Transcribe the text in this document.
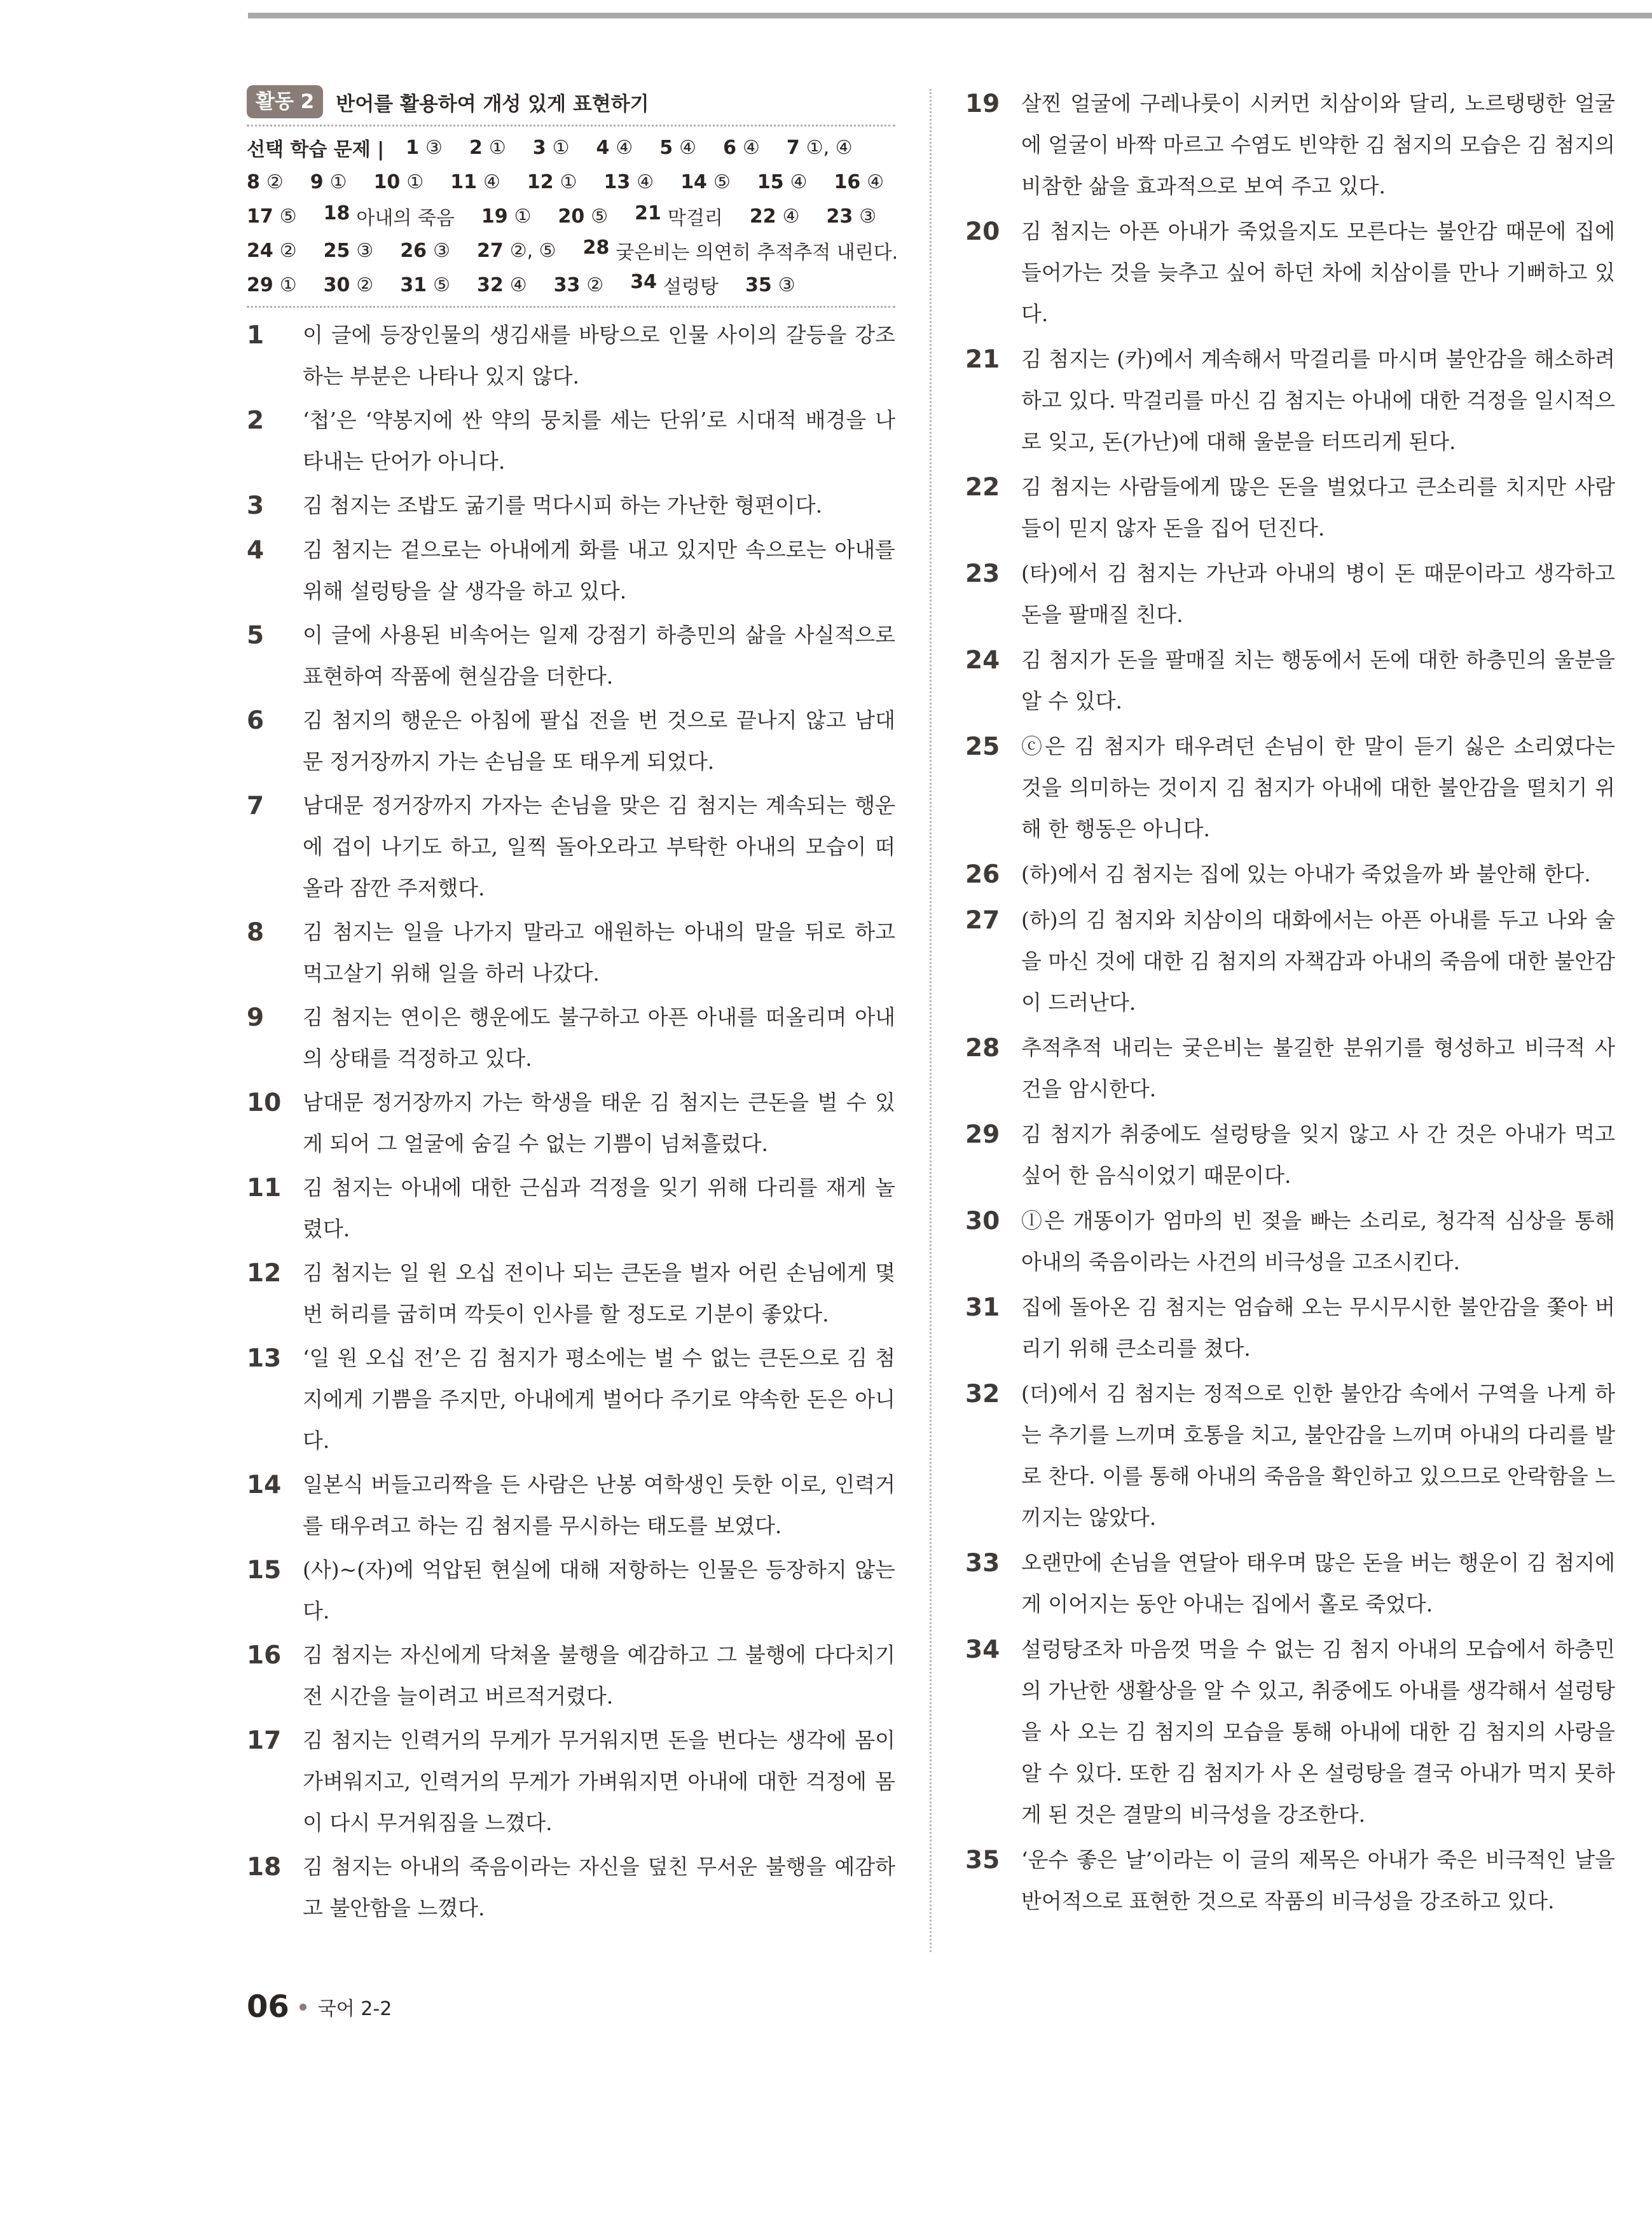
활동 2	반어를 활용하여 개성 있게 표현하기
선택 학습 문제 | 1 ③ 2 ① 3 ① 4 ④ 5 ④ 6 ④ 7 ①, ④
8 ② 9 ① 10 ① 11 ④ 12 ① 13 ④ 14 ⑤ 15 ④ 16 ④
17 ⑤ 18 아내의 죽음 19 ① 20 ⑤ 21 막걸리 22 ④ 23 ③
24 ② 25 ③ 26 ③ 27 ②, ⑤ 28 궂은비는 의연히 추적추적 내린다.
29 ① 30 ② 31 ⑤ 32 ④ 33 ② 34 설렁탕 35 ③
1	이 글에 등장인물의 생김새를 바탕으로 인물 사이의 갈등을 강조하는 부분은 나타나 있지 않다.
2	‘첩’은 ‘약봉지에 싼 약의 뭉치를 세는 단위’로 시대적 배경을 나타내는 단어가 아니다.
3	김 첨지는 조밥도 굶기를 먹다시피 하는 가난한 형편이다.
4	김 첨지는 겉으로는 아내에게 화를 내고 있지만 속으로는 아내를 위해 설렁탕을 살 생각을 하고 있다.
5	이 글에 사용된 비속어는 일제 강점기 하층민의 삶을 사실적으로 표현하여 작품에 현실감을 더한다.
6	김 첨지의 행운은 아침에 팔십 전을 번 것으로 끝나지 않고 남대문 정거장까지 가는 손님을 또 태우게 되었다.
7	남대문 정거장까지 가자는 손님을 맞은 김 첨지는 계속되는 행운에 겁이 나기도 하고, 일찍 돌아오라고 부탁한 아내의 모습이 떠올라 잠깐 주저했다.
8	김 첨지는 일을 나가지 말라고 애원하는 아내의 말을 뒤로 하고 먹고살기 위해 일을 하러 나갔다.
9	김 첨지는 연이은 행운에도 불구하고 아픈 아내를 떠올리며 아내의 상태를 걱정하고 있다.
10	남대문 정거장까지 가는 학생을 태운 김 첨지는 큰돈을 벌 수 있게 되어 그 얼굴에 숨길 수 없는 기쁨이 넘쳐흘렀다.
11	김 첨지는 아내에 대한 근심과 걱정을 잊기 위해 다리를 재게 놀렸다.
12	김 첨지는 일 원 오십 전이나 되는 큰돈을 벌자 어린 손님에게 몇 번 허리를 굽히며 깍듯이 인사를 할 정도로 기분이 좋았다.
13	‘일 원 오십 전’은 김 첨지가 평소에는 벌 수 없는 큰돈으로 김 첨지에게 기쁨을 주지만, 아내에게 벌어다 주기로 약속한 돈은 아니다.
14	일본식 버들고리짝을 든 사람은 난봉 여학생인 듯한 이로, 인력거를 태우려고 하는 김 첨지를 무시하는 태도를 보였다.
15	(사)~(자)에 억압된 현실에 대해 저항하는 인물은 등장하지 않는다.
16	김 첨지는 자신에게 닥쳐올 불행을 예감하고 그 불행에 다다치기 전 시간을 늘이려고 버르적거렸다.
17	김 첨지는 인력거의 무게가 무거워지면 돈을 번다는 생각에 몸이 가벼워지고, 인력거의 무게가 가벼워지면 아내에 대한 걱정에 몸이 다시 무거워짐을 느꼈다.
18	김 첨지는 아내의 죽음이라는 자신을 덮친 무서운 불행을 예감하고 불안함을 느꼈다.
19	살찐 얼굴에 구레나룻이 시커먼 치삼이와 달리, 노르탱탱한 얼굴에 얼굴이 바짝 마르고 수염도 빈약한 김 첨지의 모습은 김 첨지의 비참한 삶을 효과적으로 보여 주고 있다.
20	김 첨지는 아픈 아내가 죽었을지도 모른다는 불안감 때문에 집에 들어가는 것을 늦추고 싶어 하던 차에 치삼이를 만나 기뻐하고 있다.
21	김 첨지는 (카)에서 계속해서 막걸리를 마시며 불안감을 해소하려 하고 있다. 막걸리를 마신 김 첨지는 아내에 대한 걱정을 일시적으로 잊고, 돈(가난)에 대해 울분을 터뜨리게 된다.
22	김 첨지는 사람들에게 많은 돈을 벌었다고 큰소리를 치지만 사람들이 믿지 않자 돈을 집어 던진다.
23	(타)에서 김 첨지는 가난과 아내의 병이 돈 때문이라고 생각하고 돈을 팔매질 친다.
24	김 첨지가 돈을 팔매질 치는 행동에서 돈에 대한 하층민의 울분을 알 수 있다.
25	ⓒ은 김 첨지가 태우려던 손님이 한 말이 듣기 싫은 소리였다는 것을 의미하는 것이지 김 첨지가 아내에 대한 불안감을 떨치기 위해 한 행동은 아니다.
26	(하)에서 김 첨지는 집에 있는 아내가 죽었을까 봐 불안해 한다.
27	(하)의 김 첨지와 치삼이의 대화에서는 아픈 아내를 두고 나와 술을 마신 것에 대한 김 첨지의 자책감과 아내의 죽음에 대한 불안감이 드러난다.
28	추적추적 내리는 궂은비는 불길한 분위기를 형성하고 비극적 사건을 암시한다.
29	김 첨지가 취중에도 설렁탕을 잊지 않고 사 간 것은 아내가 먹고 싶어 한 음식이었기 때문이다.
30	ⓛ은 개똥이가 엄마의 빈 젖을 빠는 소리로, 청각적 심상을 통해 아내의 죽음이라는 사건의 비극성을 고조시킨다.
31	집에 돌아온 김 첨지는 엄습해 오는 무시무시한 불안감을 쫓아 버리기 위해 큰소리를 쳤다.
32	(더)에서 김 첨지는 정적으로 인한 불안감 속에서 구역을 나게 하는 추기를 느끼며 호통을 치고, 불안감을 느끼며 아내의 다리를 발로 찬다. 이를 통해 아내의 죽음을 확인하고 있으므로 안락함을 느끼지는 않았다.
33	오랜만에 손님을 연달아 태우며 많은 돈을 버는 행운이 김 첨지에게 이어지는 동안 아내는 집에서 홀로 죽었다.
34	설렁탕조차 마음껏 먹을 수 없는 김 첨지 아내의 모습에서 하층민의 가난한 생활상을 알 수 있고, 취중에도 아내를 생각해서 설렁탕을 사 오는 김 첨지의 모습을 통해 아내에 대한 김 첨지의 사랑을 알 수 있다. 또한 김 첨지가 사 온 설렁탕을 결국 아내가 먹지 못하게 된 것은 결말의 비극성을 강조한다.
35	‘운수 좋은 날’이라는 이 글의 제목은 아내가 죽은 비극적인 날을 반어적으로 표현한 것으로 작품의 비극성을 강조하고 있다.
06 국어 2-2
